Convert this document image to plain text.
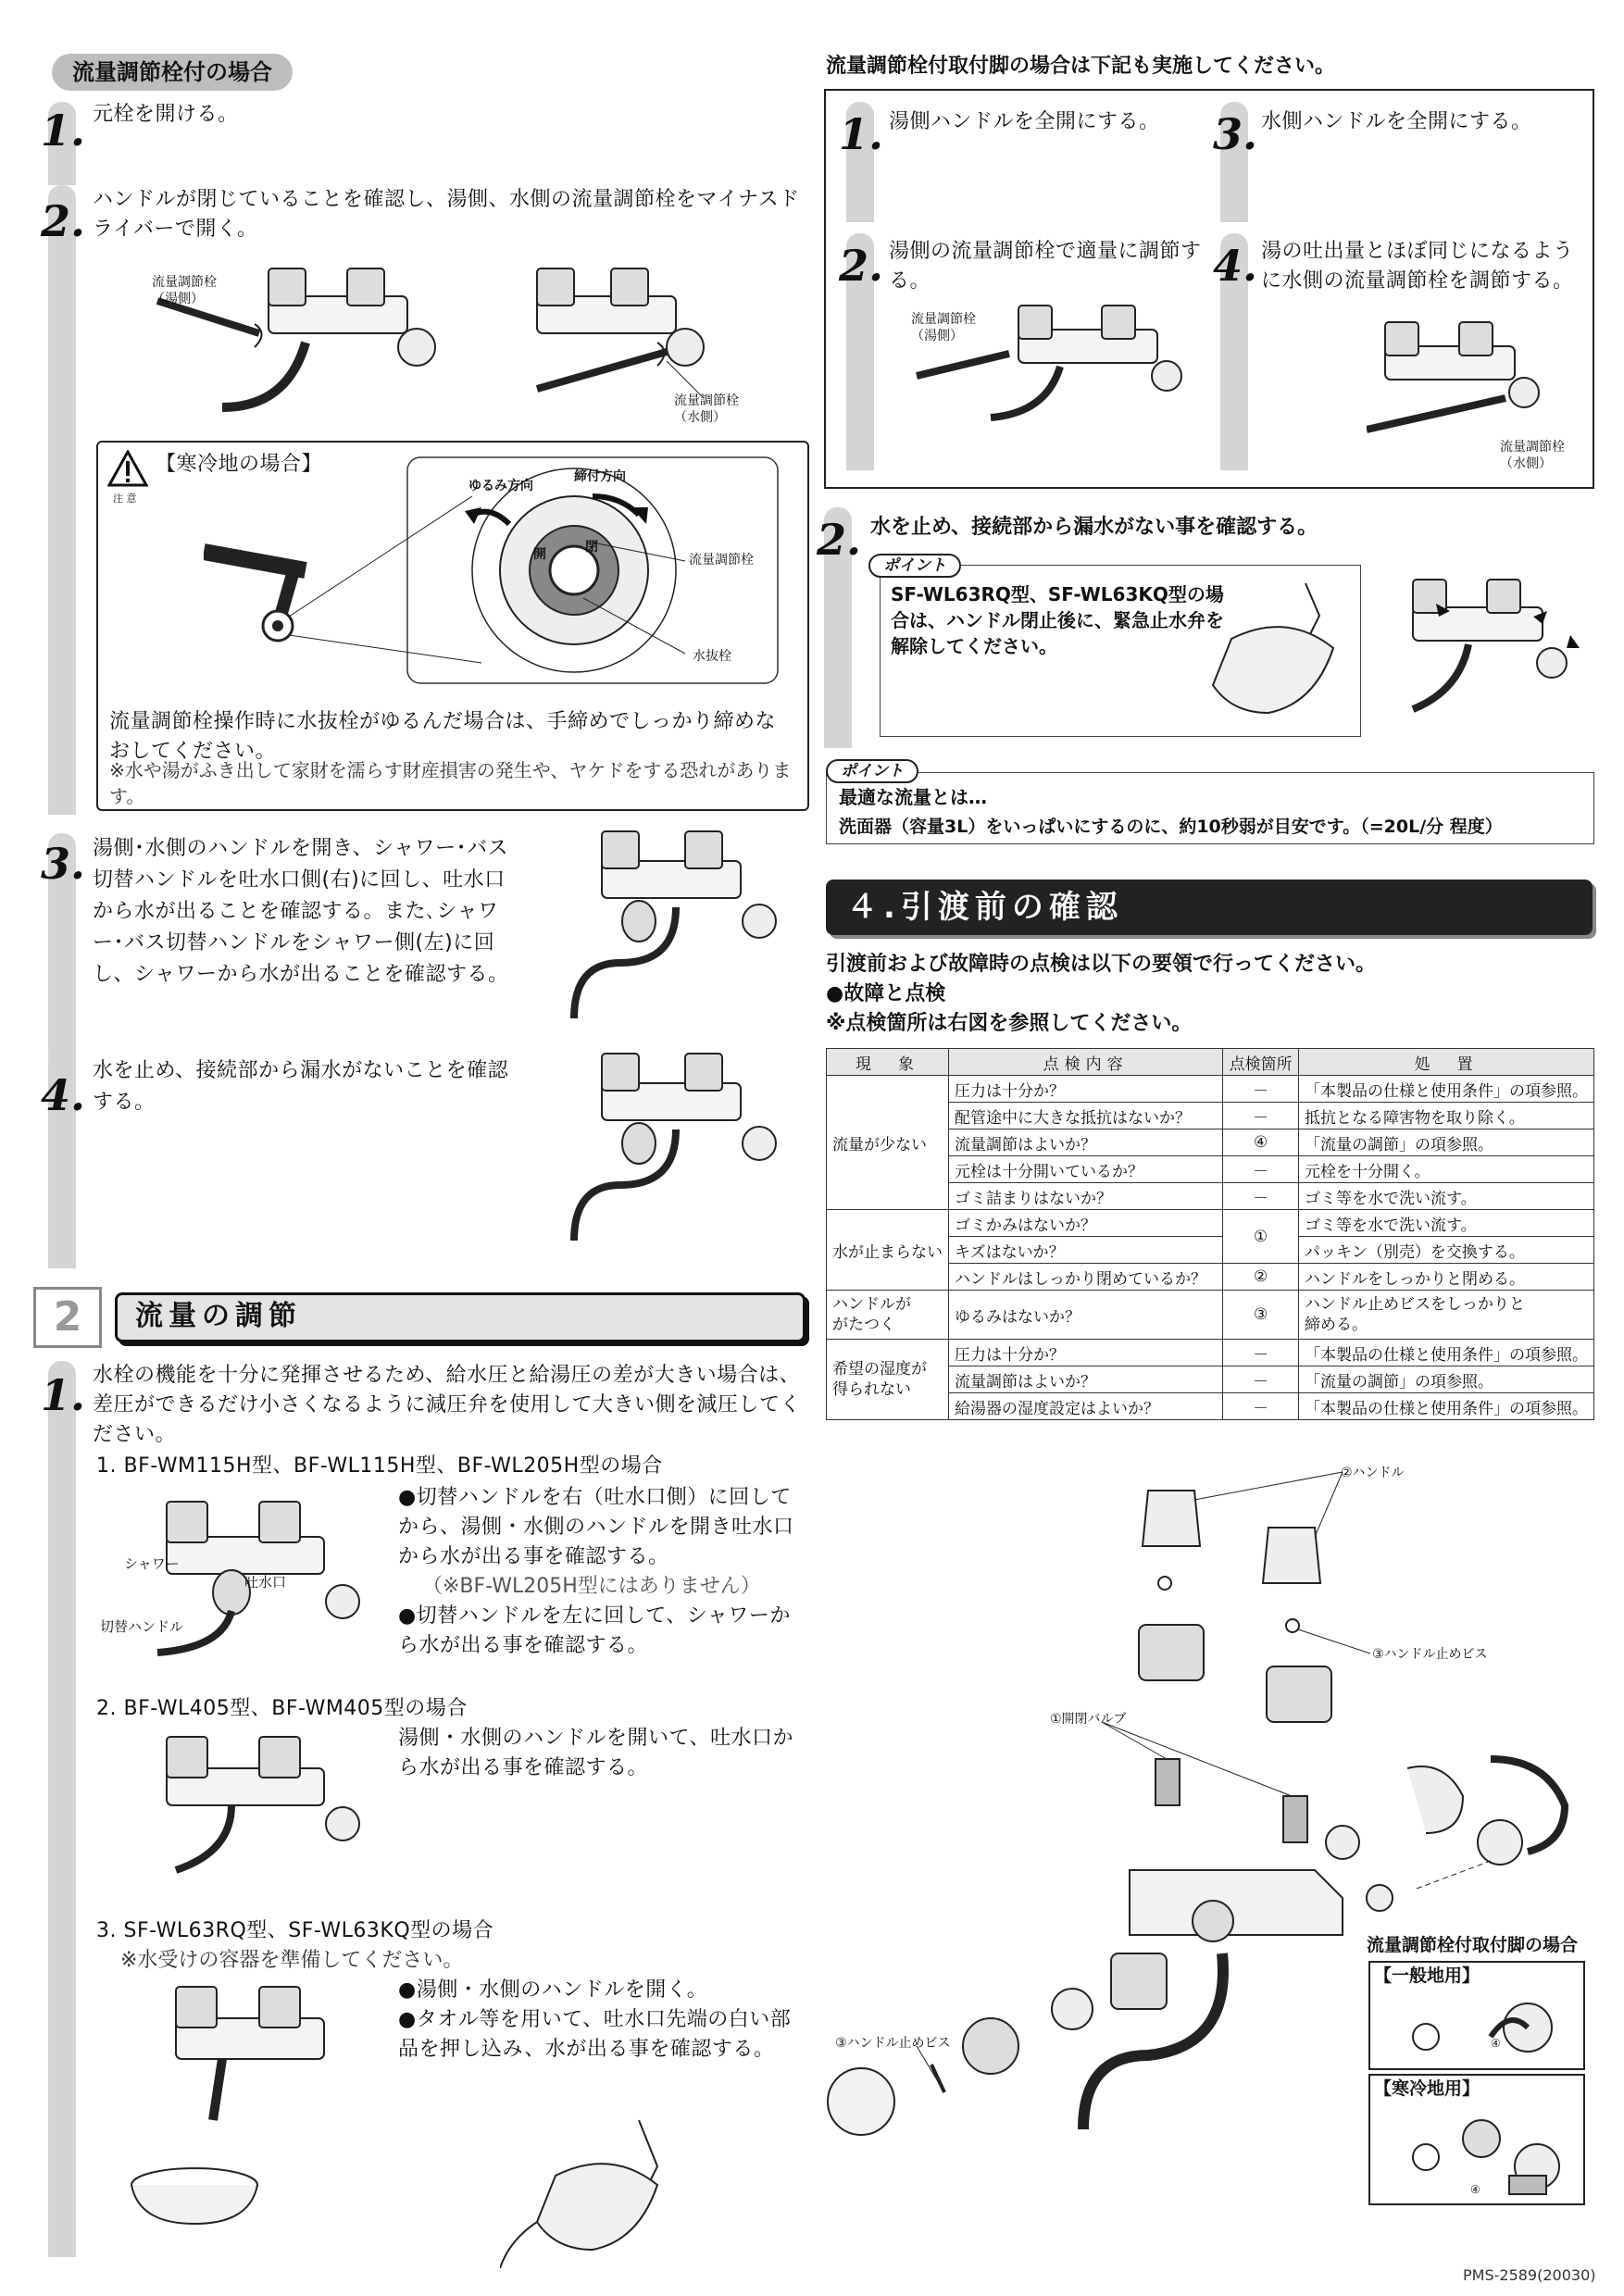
流量調節栓付の場合
1. 元栓を開ける。
2. ハンドルが閉じていることを確認し、湯側、水側の流量調節栓をマイナスドライバーで開く。
流量調節栓
（湯側）
流量調節栓
（水側）
注 意
【寒冷地の場合】
ゆるみ方向
締付方向
開	閉
流量調節栓
水抜栓
流量調節栓操作時に水抜栓がゆるんだ場合は、手締めでしっかり締めなおしてください。
※水や湯がふき出して家財を濡らす財産損害の発生や、ヤケドをする恐れがあります。
3. 湯側･水側のハンドルを開き、シャワー･バス切替ハンドルを吐水口側(右)に回し、吐水口から水が出ることを確認する。また､シャワー･バス切替ハンドルをシャワー側(左)に回し、シャワーから水が出ることを確認する。
4. 水を止め、接続部から漏水がないことを確認する。
2	流量の調節
1. 水栓の機能を十分に発揮させるため、給水圧と給湯圧の差が大きい場合は、差圧ができるだけ小さくなるように減圧弁を使用して大きい側を減圧してください。
1. BF-WM115H型、BF-WL115H型、BF-WL205H型の場合
シャワー
吐水口
切替ハンドル
●切替ハンドルを右（吐水口側）に回してから、湯側・水側のハンドルを開き吐水口から水が出る事を確認する。
（※BF-WL205H型にはありません）
●切替ハンドルを左に回して、シャワーから水が出る事を確認する。
2. BF-WL405型、BF-WM405型の場合
湯側・水側のハンドルを開いて、吐水口から水が出る事を確認する。
3. SF-WL63RQ型、SF-WL63KQ型の場合
※水受けの容器を準備してください。
●湯側・水側のハンドルを開く。
●タオル等を用いて、吐水口先端の白い部品を押し込み、水が出る事を確認する。
流量調節栓付取付脚の場合は下記も実施してください。
1. 湯側ハンドルを全開にする。 3. 水側ハンドルを全開にする。
2. 湯側の流量調節栓で適量に調節する。
流量調節栓
（湯側）
4. 湯の吐出量とほぼ同じになるように水側の流量調節栓を調節する。
流量調節栓
（水側）
2. 水を止め、接続部から漏水がない事を確認する。
ポイント
SF-WL63RQ型、SF-WL63KQ型の場合は、ハンドル閉止後に、緊急止水弁を解除してください。
ポイント
最適な流量とは…
洗面器（容量3L）をいっぱいにするのに、約10秒弱が目安です。（=20L/分 程度）
４.引渡前の確認
引渡前および故障時の点検は以下の要領で行ってください。
●故障と点検
※点検箇所は右図を参照してください。
現　象	点検内容	点検箇所	処　置
流量が少ない	圧力は十分か？	－	「本製品の仕様と使用条件」の項参照。
	配管途中に大きな抵抗はないか？	－	抵抗となる障害物を取り除く。
	流量調節はよいか？	④	「流量の調節」の項参照。
	元栓は十分開いているか？	－	元栓を十分開く。
	ゴミ詰まりはないか？	－	ゴミ等を水で洗い流す。
水が止まらない	ゴミかみはないか？	①	ゴミ等を水で洗い流す。
	キズはないか？		パッキン（別売）を交換する。
	ハンドルはしっかり閉めているか？	②	ハンドルをしっかりと閉める。
ハンドルが
がたつく	ゆるみはないか？	③	ハンドル止めビスをしっかりと
締める。
希望の湿度が
得られない	圧力は十分か？	－	「本製品の仕様と使用条件」の項参照。
	流量調節はよいか？	－	「流量の調節」の項参照。
	給湯器の湿度設定はよいか？	－	「本製品の仕様と使用条件」の項参照。
②ハンドル
③ハンドル止めビス
①開閉バルブ
③ハンドル止めビス
流量調節栓付取付脚の場合
【一般地用】
④
【寒冷地用】
④
PMS-2589(20030)
